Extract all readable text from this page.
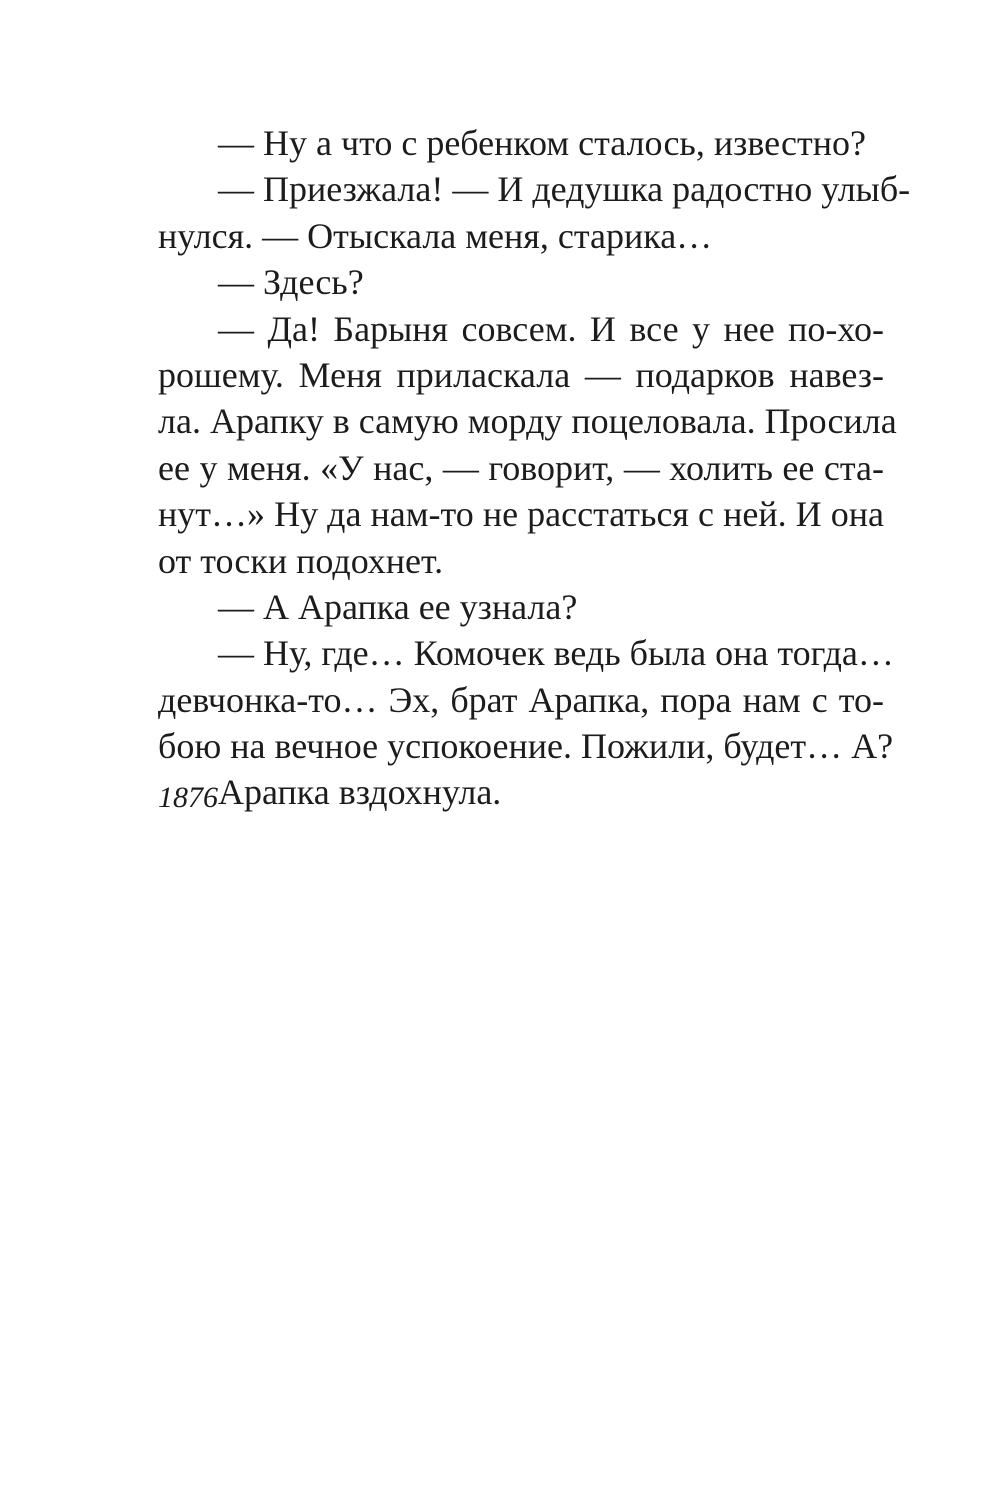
— Ну а что с ребенком сталось, известно?
— Приезжала! — И дедушка радостно улыб-
нулся. — Отыскала меня, старика…
— Здесь?
— Да! Барыня совсем. И все у нее по-хо-
рошему. Меня приласкала — подарков навез-
ла. Арапку в самую морду поцеловала. Просила
ее у меня. «У нас, — говорит, — холить ее ста-
нут…» Ну да нам-то не расстаться с ней. И она
от тоски подохнет.
— А Арапка ее узнала?
— Ну, где… Комочек ведь была она тогда…
девчонка-то… Эх, брат Арапка, пора нам с то-
бою на вечное успокоение. Пожили, будет… А?
Арапка вздохнула.

1876
